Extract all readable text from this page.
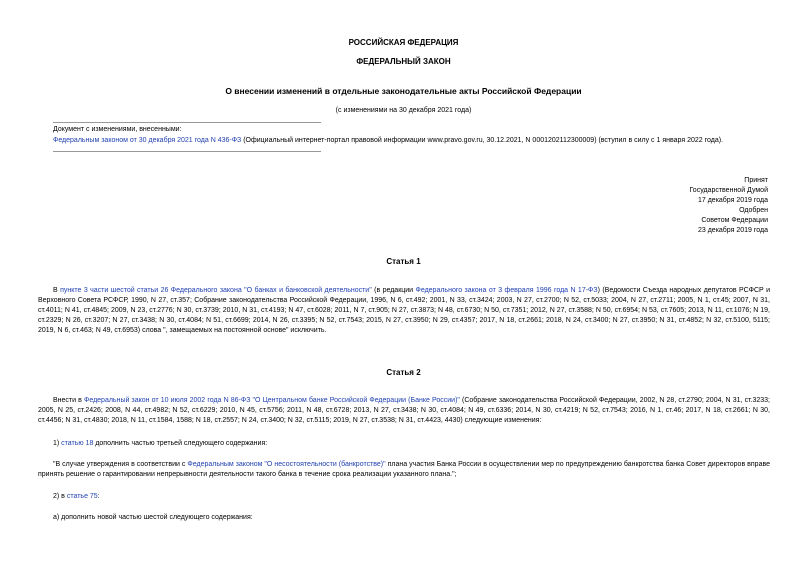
РОССИЙСКАЯ ФЕДЕРАЦИЯ
ФЕДЕРАЛЬНЫЙ ЗАКОН
О внесении изменений в отдельные законодательные акты Российской Федерации
(с изменениями на 30 декабря 2021 года)
Документ с изменениями, внесенными:
Федеральным законом от 30 декабря 2021 года N 436-ФЗ (Официальный интернет-портал правовой информации www.pravo.gov.ru, 30.12.2021, N 0001202112300009) (вступил в силу с 1 января 2022 года).
Принят
Государственной Думой
17 декабря 2019 года
Одобрен
Советом Федерации
23 декабря 2019 года
Статья 1
В пункте 3 части шестой статьи 26 Федерального закона "О банках и банковской деятельности" (в редакции Федерального закона от 3 февраля 1996 года N 17-ФЗ) (Ведомости Съезда народных депутатов РСФСР и Верховного Совета РСФСР, 1990, N 27, ст.357; Собрание законодательства Российской Федерации, 1996, N 6, ст.492; 2001, N 33, ст.3424; 2003, N 27, ст.2700; N 52, ст.5033; 2004, N 27, ст.2711; 2005, N 1, ст.45; 2007, N 31, ст.4011; N 41, ст.4845; 2009, N 23, ст.2776; N 30, ст.3739; 2010, N 31, ст.4193; N 47, ст.6028; 2011, N 7, ст.905; N 27, ст.3873; N 48, ст.6730; N 50, ст.7351; 2012, N 27, ст.3588; N 50, ст.6954; N 53, ст.7605; 2013, N 11, ст.1076; N 19, ст.2329; N 26, ст.3207; N 27, ст.3438; N 30, ст.4084; N 51, ст.6699; 2014, N 26, ст.3395; N 52, ст.7543; 2015, N 27, ст.3950; N 29, ст.4357; 2017, N 18, ст.2661; 2018, N 24, ст.3400; N 27, ст.3950; N 31, ст.4852; N 32, ст.5100, 5115; 2019, N 6, ст.463; N 49, ст.6953) слова ", замещаемых на постоянной основе" исключить.
Статья 2
Внести в Федеральный закон от 10 июля 2002 года N 86-ФЗ "О Центральном банке Российской Федерации (Банке России)" (Собрание законодательства Российской Федерации, 2002, N 28, ст.2790; 2004, N 31, ст.3233; 2005, N 25, ст.2426; 2008, N 44, ст.4982; N 52, ст.6229; 2010, N 45, ст.5756; 2011, N 48, ст.6728; 2013, N 27, ст.3438; N 30, ст.4084; N 49, ст.6336; 2014, N 30, ст.4219; N 52, ст.7543; 2016, N 1, ст.46; 2017, N 18, ст.2661; N 30, ст.4456; N 31, ст.4830; 2018, N 11, ст.1584, 1588; N 18, ст.2557; N 24, ст.3400; N 32, ст.5115; 2019, N 27, ст.3538; N 31, ст.4423, 4430) следующие изменения:
1) статью 18 дополнить частью третьей следующего содержания:
"В случае утверждения в соответствии с Федеральным законом "О несостоятельности (банкротстве)" плана участия Банка России в осуществлении мер по предупреждению банкротства банка Совет директоров вправе принять решение о гарантировании непрерывности деятельности такого банка в течение срока реализации указанного плана.";
2) в статье 75:
а) дополнить новой частью шестой следующего содержания:
